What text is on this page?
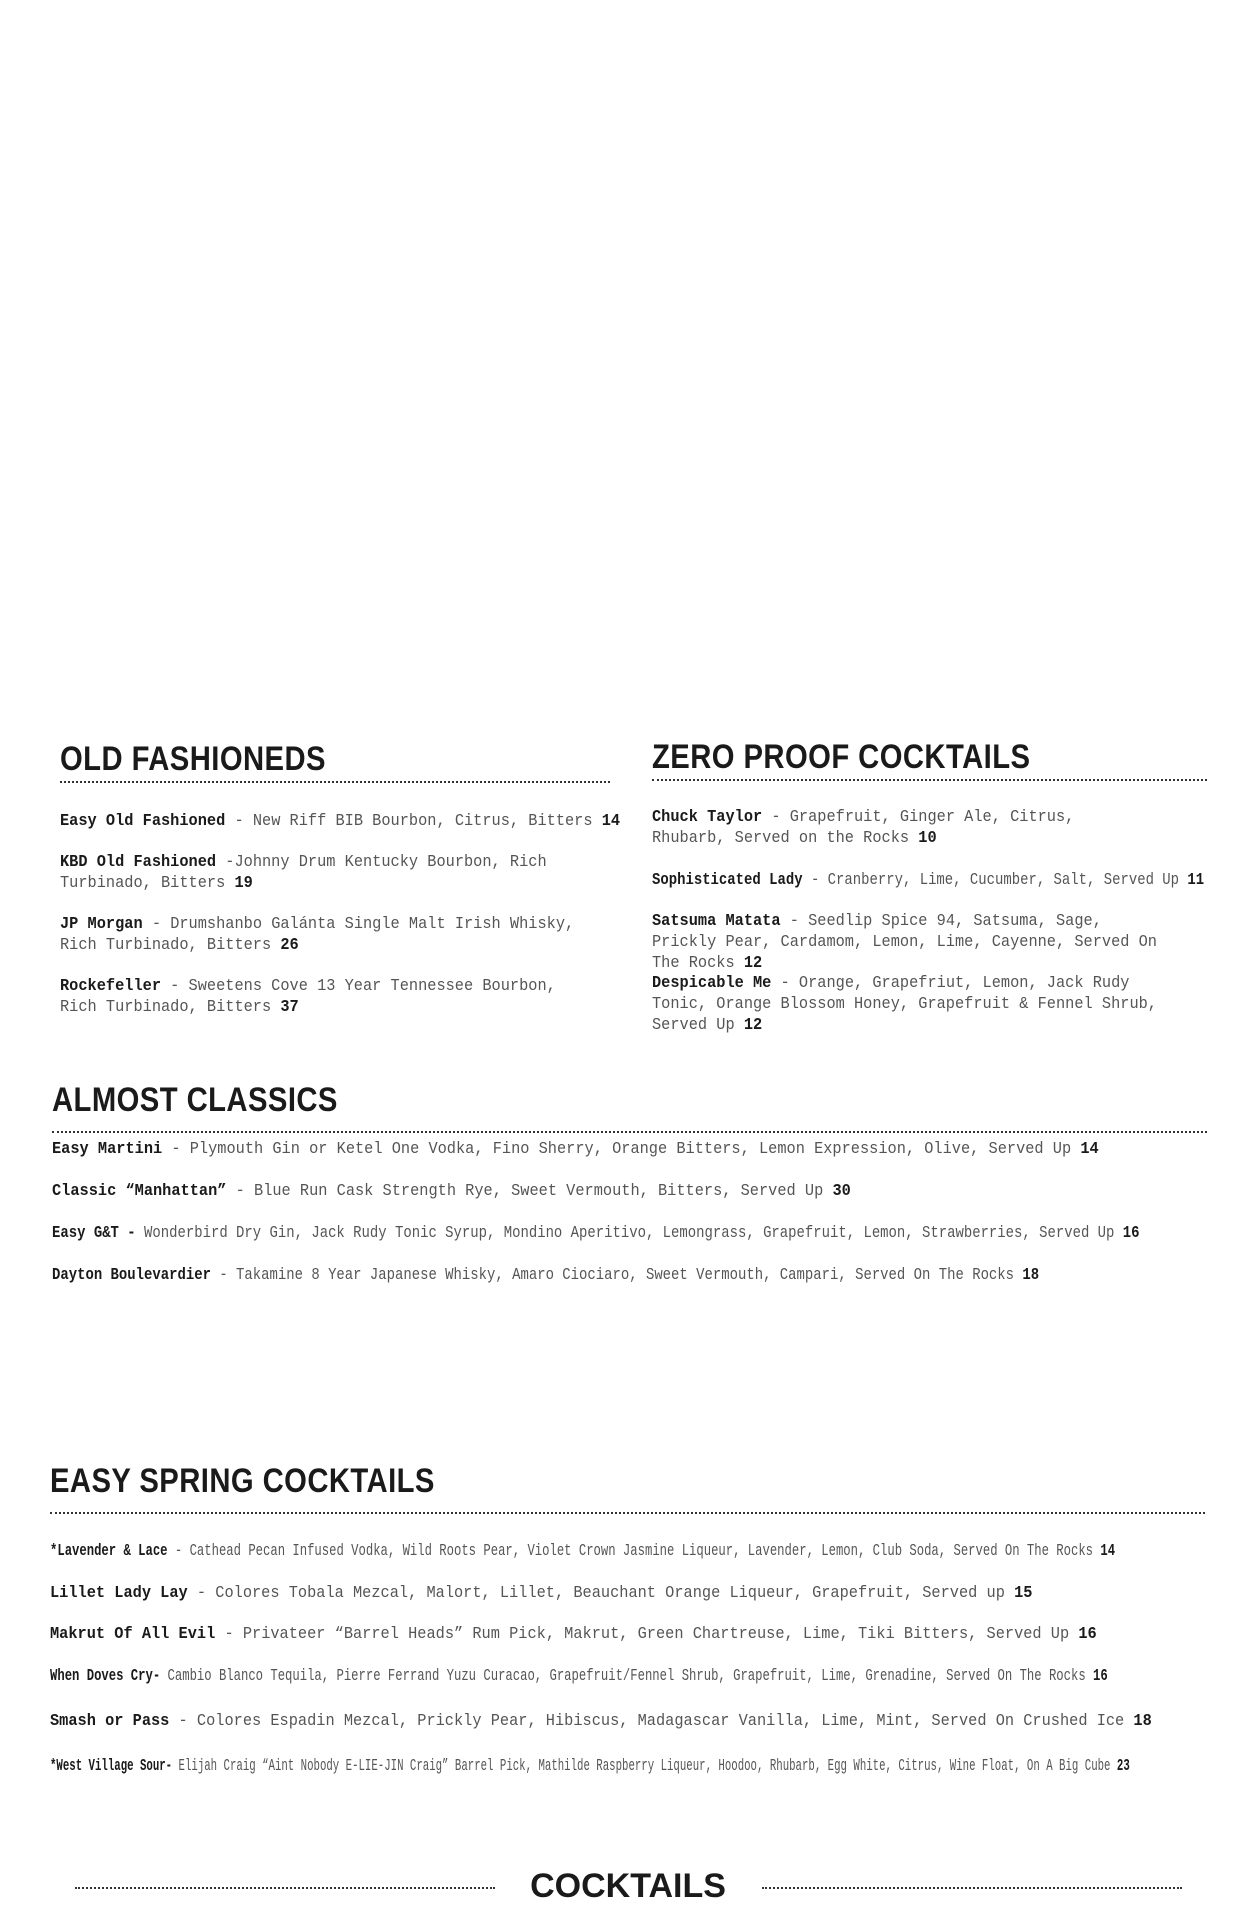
OLD FASHIONEDS

Easy Old Fashioned - New Riff BIB Bourbon, Citrus, Bitters 14

KBD Old Fashioned -Johnny Drum Kentucky Bourbon, Rich Turbinado, Bitters 19

JP Morgan - Drumshanbo Galánta Single Malt Irish Whisky, Rich Turbinado, Bitters 26

Rockefeller - Sweetens Cove 13 Year Tennessee Bourbon, Rich Turbinado, Bitters 37

ZERO PROOF COCKTAILS

Chuck Taylor - Grapefruit, Ginger Ale, Citrus, Rhubarb, Served on the Rocks 10

Sophisticated Lady - Cranberry, Lime, Cucumber, Salt, Served Up 11

Satsuma Matata - Seedlip Spice 94, Satsuma, Sage, Prickly Pear, Cardamom, Lemon, Lime, Cayenne, Served On The Rocks 12

Despicable Me - Orange, Grapefriut, Lemon, Jack Rudy Tonic, Orange Blossom Honey, Grapefruit & Fennel Shrub, Served Up 12

ALMOST CLASSICS

Easy Martini - Plymouth Gin or Ketel One Vodka, Fino Sherry, Orange Bitters, Lemon Expression, Olive, Served Up 14

Classic “Manhattan” - Blue Run Cask Strength Rye, Sweet Vermouth, Bitters, Served Up 30

Easy G&T - Wonderbird Dry Gin, Jack Rudy Tonic Syrup, Mondino Aperitivo, Lemongrass, Grapefruit, Lemon, Strawberries, Served Up 16

Dayton Boulevardier - Takamine 8 Year Japanese Whisky, Amaro Ciociaro, Sweet Vermouth, Campari, Served On The Rocks 18

EASY SPRING COCKTAILS

*Lavender & Lace - Cathead Pecan Infused Vodka, Wild Roots Pear, Violet Crown Jasmine Liqueur, Lavender, Lemon, Club Soda, Served On The Rocks 14

Lillet Lady Lay - Colores Tobala Mezcal, Malort, Lillet, Beauchant Orange Liqueur, Grapefruit, Served up 15

Makrut Of All Evil - Privateer “Barrel Heads” Rum Pick, Makrut, Green Chartreuse, Lime, Tiki Bitters, Served Up 16

When Doves Cry- Cambio Blanco Tequila, Pierre Ferrand Yuzu Curacao, Grapefruit/Fennel Shrub, Grapefruit, Lime, Grenadine, Served On The Rocks 16

Smash or Pass - Colores Espadin Mezcal, Prickly Pear, Hibiscus, Madagascar Vanilla, Lime, Mint, Served On Crushed Ice 18

*West Village Sour- Elijah Craig “Aint Nobody E-LIE-JIN Craig” Barrel Pick, Mathilde Raspberry Liqueur, Hoodoo, Rhubarb, Egg White, Citrus, Wine Float, On A Big Cube 23

COCKTAILS
